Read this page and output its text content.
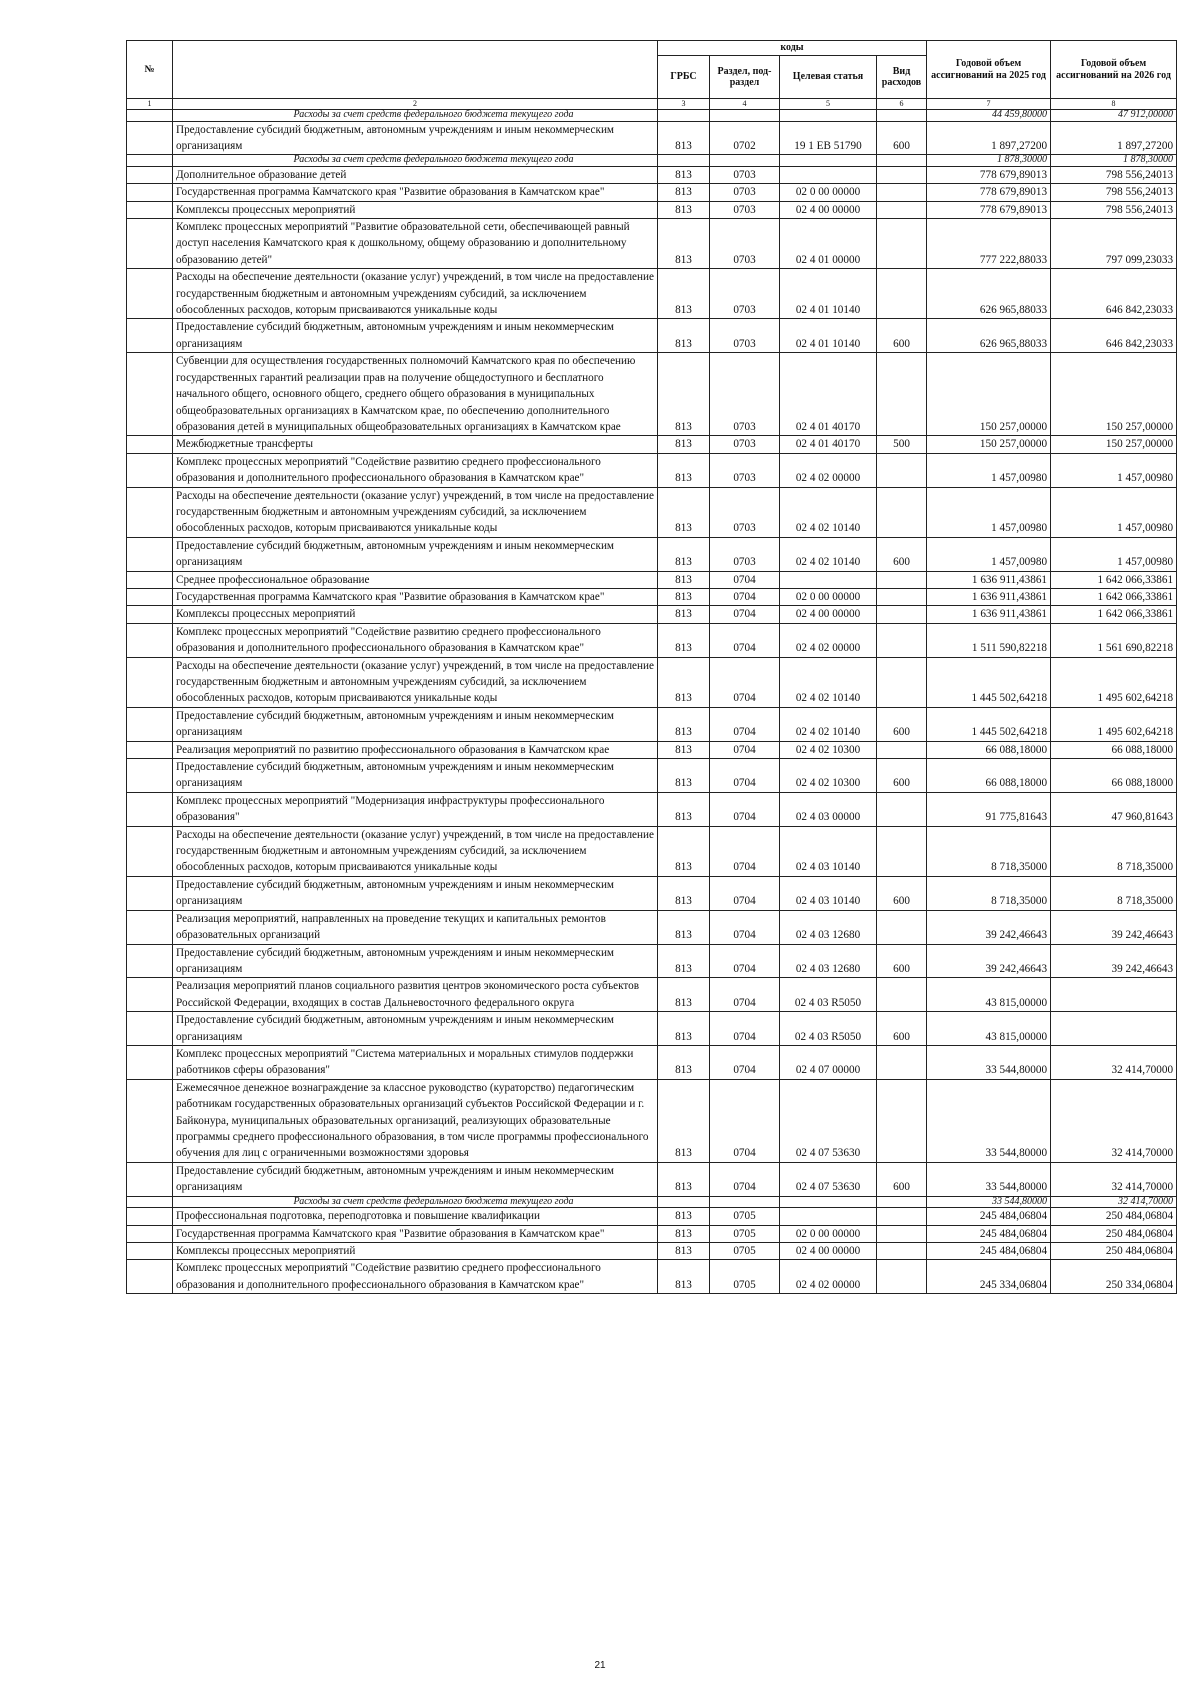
№		коды				Годовой объем ассигнований на 2025 год	Годовой объем ассигнований на 2026 год
		ГРБС	Раздел, под-раздел	Целевая статья	Вид расходов		
1	2	3	4	5	6	7	8
	Расходы за счет средств федерального бюджета текущего года					44 459,80000	47 912,00000
	Предоставление субсидий бюджетным, автономным учреждениям и иным некоммерческим организациям	813	0702	19 1 ЕВ 51790	600	1 897,27200	1 897,27200
	Расходы за счет средств федерального бюджета текущего года					1 878,30000	1 878,30000
	Дополнительное образование детей	813	0703			778 679,89013	798 556,24013
	Государственная программа Камчатского края "Развитие образования в Камчатском крае"	813	0703	02 0 00 00000		778 679,89013	798 556,24013
	Комплексы процессных мероприятий	813	0703	02 4 00 00000		778 679,89013	798 556,24013
	Комплекс процессных мероприятий "Развитие образовательной сети, обеспечивающей равный доступ населения Камчатского края к дошкольному, общему образованию и дополнительному образованию детей"	813	0703	02 4 01 00000		777 222,88033	797 099,23033
	Расходы на обеспечение деятельности (оказание услуг) учреждений, в том числе на предоставление государственным бюджетным и автономным учреждениям субсидий, за исключением обособленных расходов, которым присваиваются уникальные коды	813	0703	02 4 01 10140		626 965,88033	646 842,23033
	Предоставление субсидий бюджетным, автономным учреждениям и иным некоммерческим организациям	813	0703	02 4 01 10140	600	626 965,88033	646 842,23033
	Субвенции для осуществления государственных полномочий Камчатского края по обеспечению государственных гарантий реализации прав на получение общедоступного и бесплатного начального общего, основного общего, среднего общего образования в муниципальных общеобразовательных организациях в Камчатском крае, по обеспечению дополнительного образования детей в муниципальных общеобразовательных организациях в Камчатском крае	813	0703	02 4 01 40170		150 257,00000	150 257,00000
	Межбюджетные трансферты	813	0703	02 4 01 40170	500	150 257,00000	150 257,00000
	Комплекс процессных мероприятий "Содействие развитию среднего профессионального образования и дополнительного профессионального образования в Камчатском крае"	813	0703	02 4 02 00000		1 457,00980	1 457,00980
	Расходы на обеспечение деятельности (оказание услуг) учреждений, в том числе на предоставление государственным бюджетным и автономным учреждениям субсидий, за исключением обособленных расходов, которым присваиваются уникальные коды	813	0703	02 4 02 10140		1 457,00980	1 457,00980
	Предоставление субсидий бюджетным, автономным учреждениям и иным некоммерческим организациям	813	0703	02 4 02 10140	600	1 457,00980	1 457,00980
	Среднее профессиональное образование	813	0704			1 636 911,43861	1 642 066,33861
	Государственная программа Камчатского края "Развитие образования в Камчатском крае"	813	0704	02 0 00 00000		1 636 911,43861	1 642 066,33861
	Комплексы процессных мероприятий	813	0704	02 4 00 00000		1 636 911,43861	1 642 066,33861
	Комплекс процессных мероприятий "Содействие развитию среднего профессионального образования и дополнительного профессионального образования в Камчатском крае"	813	0704	02 4 02 00000		1 511 590,82218	1 561 690,82218
	Расходы на обеспечение деятельности (оказание услуг) учреждений, в том числе на предоставление государственным бюджетным и автономным учреждениям субсидий, за исключением обособленных расходов, которым присваиваются уникальные коды	813	0704	02 4 02 10140		1 445 502,64218	1 495 602,64218
	Предоставление субсидий бюджетным, автономным учреждениям и иным некоммерческим организациям	813	0704	02 4 02 10140	600	1 445 502,64218	1 495 602,64218
	Реализация мероприятий по развитию профессионального образования в Камчатском крае	813	0704	02 4 02 10300		66 088,18000	66 088,18000
	Предоставление субсидий бюджетным, автономным учреждениям и иным некоммерческим организациям	813	0704	02 4 02 10300	600	66 088,18000	66 088,18000
	Комплекс процессных мероприятий "Модернизация инфраструктуры профессионального образования"	813	0704	02 4 03 00000		91 775,81643	47 960,81643
	Расходы на обеспечение деятельности (оказание услуг) учреждений, в том числе на предоставление государственным бюджетным и автономным учреждениям субсидий, за исключением обособленных расходов, которым присваиваются уникальные коды	813	0704	02 4 03 10140		8 718,35000	8 718,35000
	Предоставление субсидий бюджетным, автономным учреждениям и иным некоммерческим организациям	813	0704	02 4 03 10140	600	8 718,35000	8 718,35000
	Реализация мероприятий, направленных на проведение текущих и капитальных ремонтов образовательных организаций	813	0704	02 4 03 12680		39 242,46643	39 242,46643
	Предоставление субсидий бюджетным, автономным учреждениям и иным некоммерческим организациям	813	0704	02 4 03 12680	600	39 242,46643	39 242,46643
	Реализация мероприятий планов социального развития центров экономического роста субъектов Российской Федерации, входящих в состав Дальневосточного федерального округа	813	0704	02 4 03 R5050		43 815,00000	
	Предоставление субсидий бюджетным, автономным учреждениям и иным некоммерческим организациям	813	0704	02 4 03 R5050	600	43 815,00000	
	Комплекс процессных мероприятий "Система материальных и моральных стимулов поддержки работников сферы образования"	813	0704	02 4 07 00000		33 544,80000	32 414,70000
	Ежемесячное денежное вознаграждение за классное руководство (кураторство) педагогическим работникам государственных образовательных организаций субъектов Российской Федерации и г. Байконура, муниципальных образовательных организаций, реализующих образовательные программы среднего профессионального образования, в том числе программы профессионального обучения для лиц с ограниченными возможностями здоровья	813	0704	02 4 07 53630		33 544,80000	32 414,70000
	Предоставление субсидий бюджетным, автономным учреждениям и иным некоммерческим организациям	813	0704	02 4 07 53630	600	33 544,80000	32 414,70000
	Расходы за счет средств федерального бюджета текущего года					33 544,80000	32 414,70000
	Профессиональная подготовка, переподготовка и повышение квалификации	813	0705			245 484,06804	250 484,06804
	Государственная программа Камчатского края "Развитие образования в Камчатском крае"	813	0705	02 0 00 00000		245 484,06804	250 484,06804
	Комплексы процессных мероприятий	813	0705	02 4 00 00000		245 484,06804	250 484,06804
	Комплекс процессных мероприятий "Содействие развитию среднего профессионального образования и дополнительного профессионального образования в Камчатском крае"	813	0705	02 4 02 00000		245 334,06804	250 334,06804
21
